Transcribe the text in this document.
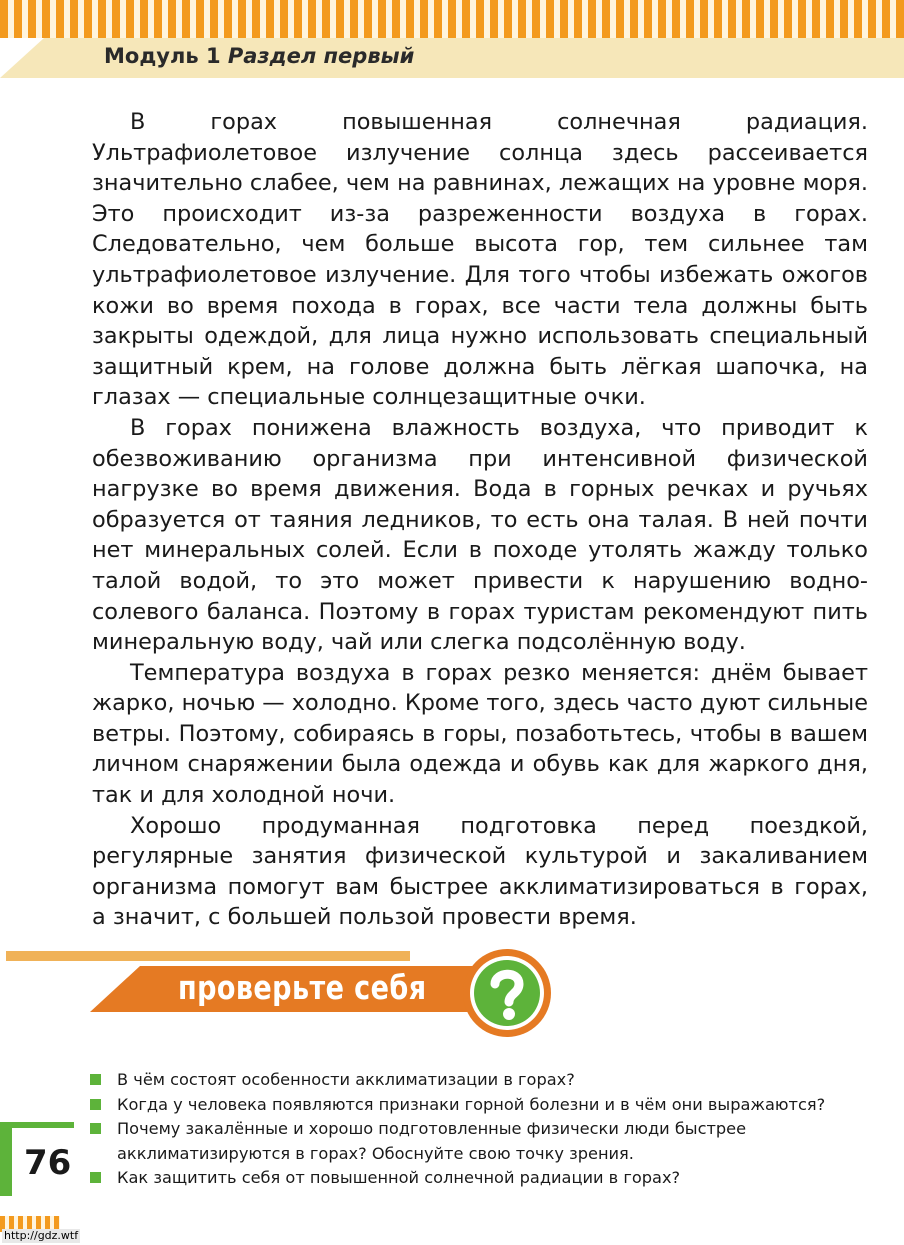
Модуль 1 Раздел первый

В горах повышенная солнечная радиация. Ультрафиолетовое излучение солнца здесь рассеивается значительно слабее, чем на равнинах, лежащих на уровне моря. Это происходит из-за разреженности воздуха в горах. Следовательно, чем больше высота гор, тем сильнее там ультрафиолетовое излучение. Для того чтобы избежать ожогов кожи во время похода в горах, все части тела должны быть закрыты одеждой, для лица нужно использовать специальный защитный крем, на голове должна быть лёгкая шапочка, на глазах — специальные солнцезащитные очки.

В горах понижена влажность воздуха, что приводит к обезвоживанию организма при интенсивной физической нагрузке во время движения. Вода в горных речках и ручьях образуется от таяния ледников, то есть она талая. В ней почти нет минеральных солей. Если в походе утолять жажду только талой водой, то это может привести к нарушению водно-солевого баланса. Поэтому в горах туристам рекомендуют пить минеральную воду, чай или слегка подсолённую воду.

Температура воздуха в горах резко меняется: днём бывает жарко, ночью — холодно. Кроме того, здесь часто дуют сильные ветры. Поэтому, собираясь в горы, позаботьтесь, чтобы в вашем личном снаряжении была одежда и обувь как для жаркого дня, так и для холодной ночи.

Хорошо продуманная подготовка перед поездкой, регулярные занятия физической культурой и закаливанием организма помогут вам быстрее акклиматизироваться в горах, а значит, с большей пользой провести время.

проверьте себя
В чём состоят особенности акклиматизации в горах?
Когда у человека появляются признаки горной болезни и в чём они выражаются?
Почему закалённые и хорошо подготовленные физически люди быстрее акклиматизируются в горах? Обоснуйте свою точку зрения.
Как защитить себя от повышенной солнечной радиации в горах?
76
http://gdz.wtf
